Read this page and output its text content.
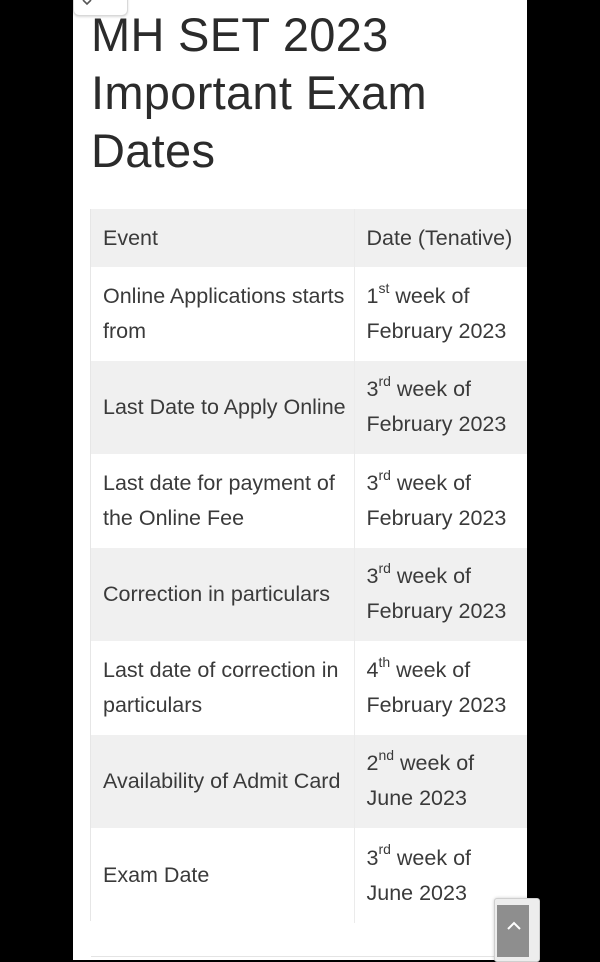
MH SET 2023 Important Exam Dates
Event	Date (Tenative)
Online Applications starts from	1st week of
February 2023
Last Date to Apply Online	3rd week of
February 2023
Last date for payment of the Online Fee	3rd week of
February 2023
Correction in particulars	3rd week of
February 2023
Last date of correction in particulars	4th week of
February 2023
Availability of Admit Card	2nd week of
June 2023
Exam Date	3rd week of
June 2023
